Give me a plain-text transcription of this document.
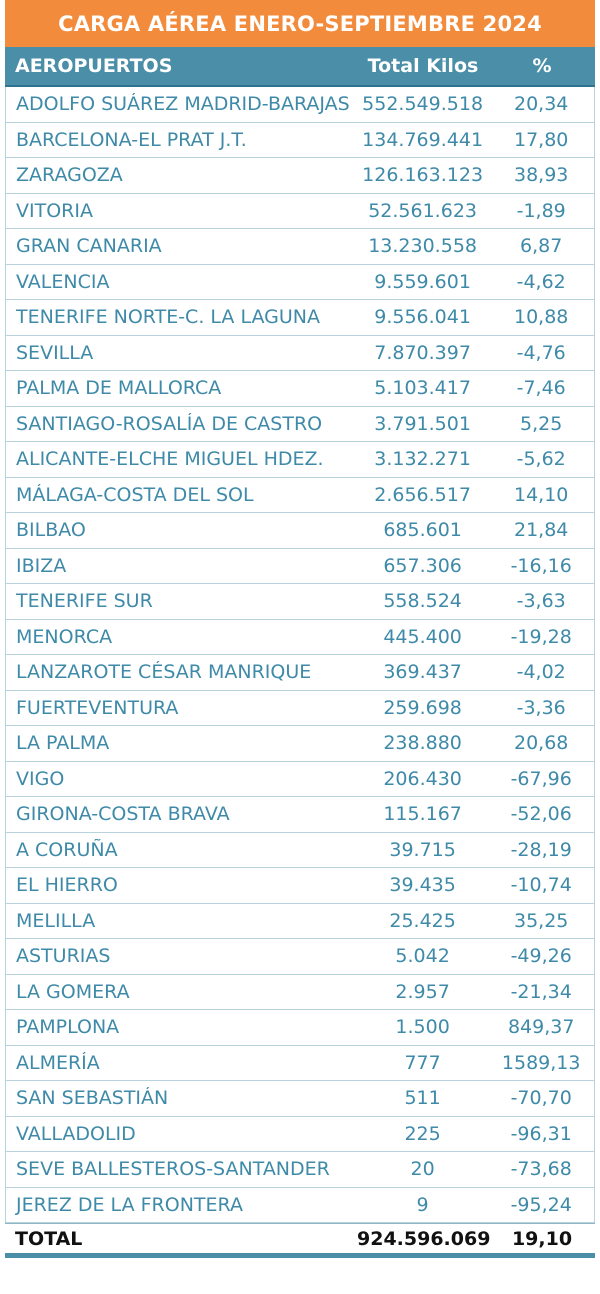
CARGA AÉREA ENERO-SEPTIEMBRE 2024
AEROPUERTOS	Total Kilos	%
ADOLFO SUÁREZ MADRID-BARAJAS 552.549.518	20,34
BARCELONA-EL PRAT J.T.	134.769.441	17,80
ZARAGOZA	126.163.123	38,93
VITORIA	52.561.623	-1,89
GRAN CANARIA	13.230.558	6,87
VALENCIA	9.559.601	-4,62
TENERIFE NORTE-C. LA LAGUNA	9.556.041	10,88
SEVILLA	7.870.397	-4,76
PALMA DE MALLORCA	5.103.417	-7,46
SANTIAGO-ROSALÍA DE CASTRO	3.791.501	5,25
ALICANTE-ELCHE MIGUEL HDEZ.	3.132.271	-5,62
MÁLAGA-COSTA DEL SOL	2.656.517	14,10
BILBAO	685.601	21,84
IBIZA	657.306	-16,16
TENERIFE SUR	558.524	-3,63
MENORCA	445.400	-19,28
LANZAROTE CÉSAR MANRIQUE	369.437	-4,02
FUERTEVENTURA	259.698	-3,36
LA PALMA	238.880	20,68
VIGO	206.430	-67,96
GIRONA-COSTA BRAVA	115.167	-52,06
A CORUÑA	39.715	-28,19
EL HIERRO	39.435	-10,74
MELILLA	25.425	35,25
ASTURIAS	5.042	-49,26
LA GOMERA	2.957	-21,34
PAMPLONA	1.500	849,37
ALMERÍA	777	1589,13
SAN SEBASTIÁN	511	-70,70
VALLADOLID	225	-96,31
SEVE BALLESTEROS-SANTANDER	20	-73,68
JEREZ DE LA FRONTERA	9	-95,24
TOTAL	924.596.069	19,10
